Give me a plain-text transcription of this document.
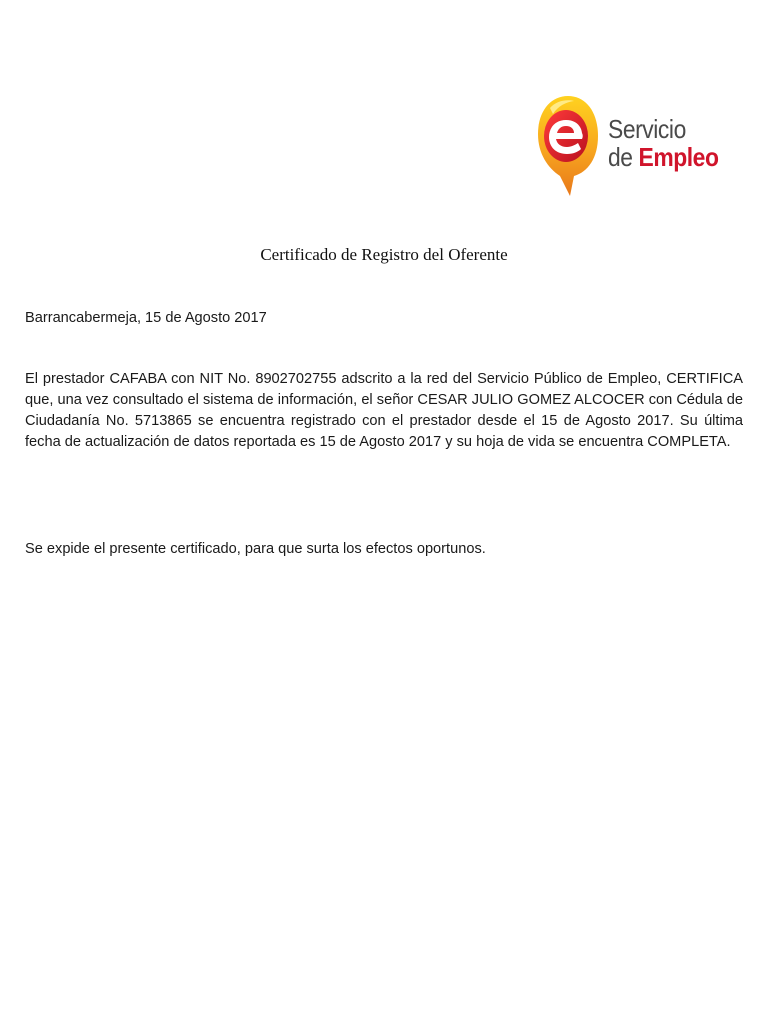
Servicio
de Empleo
Certificado de Registro del Oferente

Barrancabermeja, 15 de Agosto 2017

El prestador CAFABA con NIT No. 8902702755 adscrito a la red del Servicio Público de Empleo, CERTIFICA que, una vez consultado el sistema de información, el señor CESAR JULIO GOMEZ ALCOCER con Cédula de Ciudadanía No. 5713865 se encuentra registrado con el prestador desde el 15 de Agosto 2017. Su última fecha de actualización de datos reportada es 15 de Agosto 2017 y su hoja de vida se encuentra COMPLETA.

Se expide el presente certificado, para que surta los efectos oportunos.
